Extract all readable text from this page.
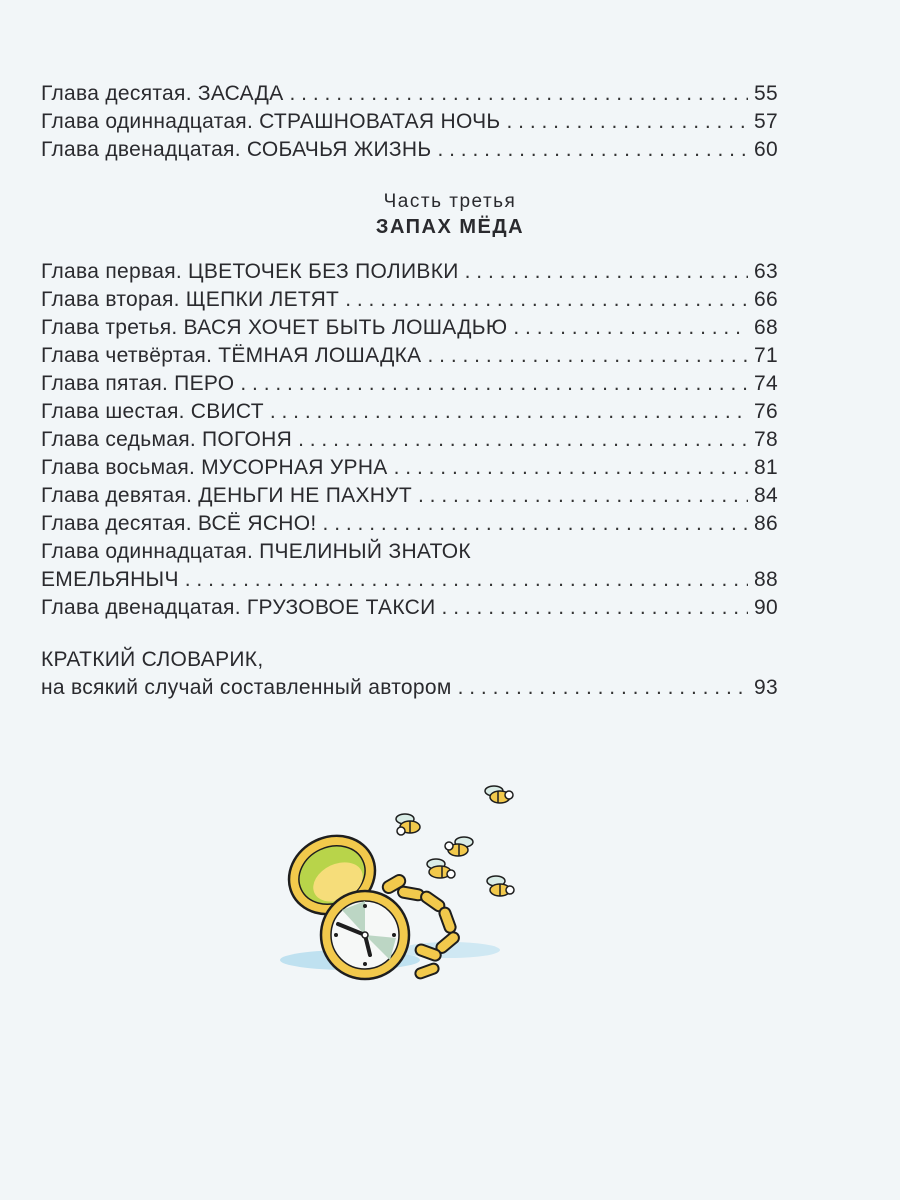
Глава десятая. ЗАСАДА . . .	55
Глава одиннадцатая. СТРАШНОВАТАЯ НОЧЬ . . .	57
Глава двенадцатая. СОБАЧЬЯ ЖИЗНЬ . . .	60
Часть третья
ЗАПАХ МЁДА
Глава первая. ЦВЕТОЧЕК БЕЗ ПОЛИВКИ . . .	63
Глава вторая. ЩЕПКИ ЛЕТЯТ . . .	66
Глава третья. ВАСЯ ХОЧЕТ БЫТЬ ЛОШАДЬЮ . . .	68
Глава четвёртая. ТЁМНАЯ ЛОШАДКА . . .	71
Глава пятая. ПЕРО . . .	74
Глава шестая. СВИСТ . . .	76
Глава седьмая. ПОГОНЯ . . .	78
Глава восьмая. МУСОРНАЯ УРНА . . .	81
Глава девятая. ДЕНЬГИ НЕ ПАХНУТ . . .	84
Глава десятая. ВСЁ ЯСНО! . . .	86
Глава одиннадцатая. ПЧЕЛИНЫЙ ЗНАТОК
ЕМЕЛЬЯНЫЧ . . .	88
Глава двенадцатая. ГРУЗОВОЕ ТАКСИ . . .	90
КРАТКИЙ СЛОВАРИК,
на всякий случай составленный автором . . .	93
